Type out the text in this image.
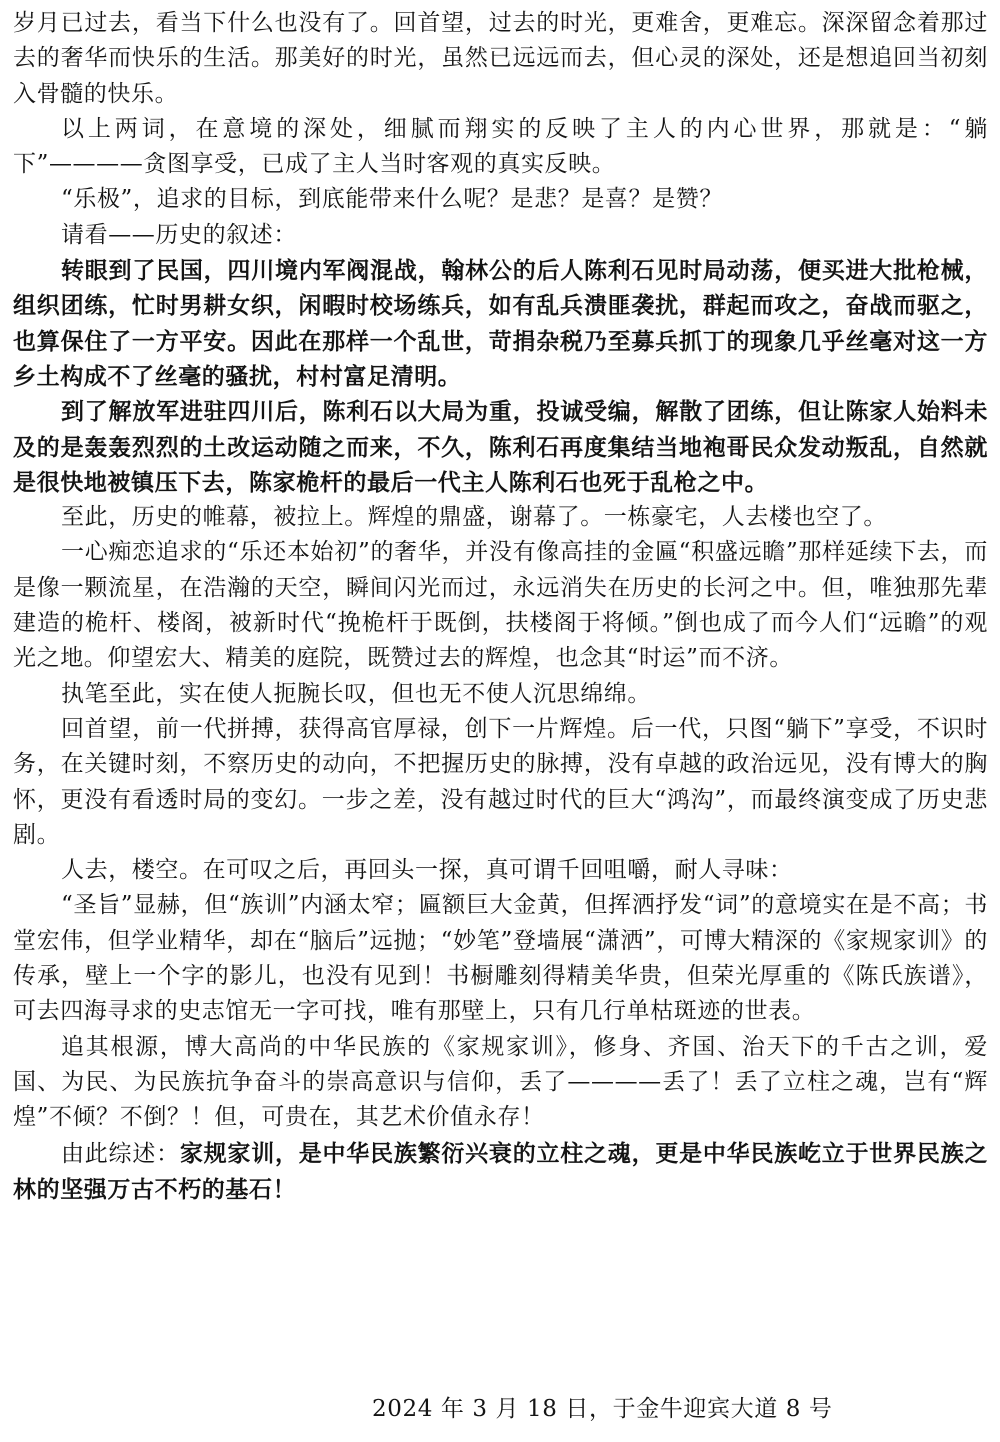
岁月已过去，看当下什么也没有了。回首望，过去的时光，更难舍，更难忘。深深留念着那过去的奢华而快乐的生活。那美好的时光，虽然已远远而去，但心灵的深处，还是想追回当初刻入骨髓的快乐。

以上两词，在意境的深处，细腻而翔实的反映了主人的内心世界，那就是：“躺下”————贪图享受，已成了主人当时客观的真实反映。

“乐极”，追求的目标，到底能带来什么呢？是悲？是喜？是赞？

请看——历史的叙述：

转眼到了民国，四川境内军阀混战，翰林公的后人陈利石见时局动荡，便买进大批枪械，组织团练，忙时男耕女织，闲暇时校场练兵，如有乱兵溃匪袭扰，群起而攻之，奋战而驱之，也算保住了一方平安。因此在那样一个乱世，苛捐杂税乃至募兵抓丁的现象几乎丝毫对这一方乡土构成不了丝毫的骚扰，村村富足清明。

到了解放军进驻四川后，陈利石以大局为重，投诚受编，解散了团练，但让陈家人始料未及的是轰轰烈烈的土改运动随之而来，不久，陈利石再度集结当地袍哥民众发动叛乱，自然就是很快地被镇压下去，陈家桅杆的最后一代主人陈利石也死于乱枪之中。

至此，历史的帷幕，被拉上。辉煌的鼎盛，谢幕了。一栋豪宅，人去楼也空了。

一心痴恋追求的“乐还本始初”的奢华，并没有像高挂的金匾“积盛远瞻”那样延续下去，而是像一颗流星，在浩瀚的天空，瞬间闪光而过，永远消失在历史的长河之中。但，唯独那先辈建造的桅杆、楼阁，被新时代“挽桅杆于既倒，扶楼阁于将倾。”倒也成了而今人们“远瞻”的观光之地。仰望宏大、精美的庭院，既赞过去的辉煌，也念其“时运”而不济。

执笔至此，实在使人扼腕长叹，但也无不使人沉思绵绵。

回首望，前一代拼搏，获得高官厚禄，创下一片辉煌。后一代，只图“躺下”享受，不识时务，在关键时刻，不察历史的动向，不把握历史的脉搏，没有卓越的政治远见，没有博大的胸怀，更没有看透时局的变幻。一步之差，没有越过时代的巨大“鸿沟”，而最终演变成了历史悲剧。

人去，楼空。在可叹之后，再回头一探，真可谓千回咀嚼，耐人寻味：

“圣旨”显赫，但“族训”内涵太窄；匾额巨大金黄，但挥洒抒发“词”的意境实在是不高；书堂宏伟，但学业精华，却在“脑后”远抛；“妙笔”登墙展“潇洒”，可博大精深的《家规家训》的传承，壁上一个字的影儿，也没有见到！书橱雕刻得精美华贵，但荣光厚重的《陈氏族谱》，可去四海寻求的史志馆无一字可找，唯有那壁上，只有几行单枯斑迹的世表。

追其根源，博大高尚的中华民族的《家规家训》，修身、齐国、治天下的千古之训，爱国、为民、为民族抗争奋斗的崇高意识与信仰，丢了————丢了！丢了立柱之魂，岂有“辉煌”不倾？不倒？！但，可贵在，其艺术价值永存！

由此综述：家规家训，是中华民族繁衍兴衰的立柱之魂，更是中华民族屹立于世界民族之林的坚强万古不朽的基石！

2024 年 3 月 18 日，于金牛迎宾大道 8 号
